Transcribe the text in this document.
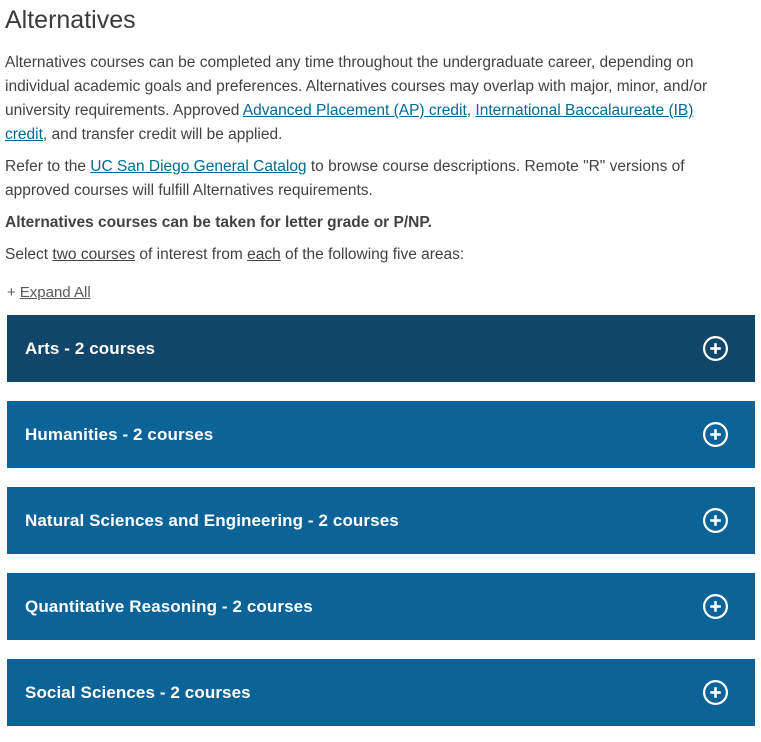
Alternatives

Alternatives courses can be completed any time throughout the undergraduate career, depending on individual academic goals and preferences. Alternatives courses may overlap with major, minor, and/or university requirements. Approved Advanced Placement (AP) credit, International Baccalaureate (IB) credit, and transfer credit will be applied.

Refer to the UC San Diego General Catalog to browse course descriptions. Remote "R" versions of approved courses will fulfill Alternatives requirements.

Alternatives courses can be taken for letter grade or P/NP.

Select two courses of interest from each of the following five areas:

+ Expand All
Arts - 2 courses
Humanities - 2 courses
Natural Sciences and Engineering - 2 courses
Quantitative Reasoning - 2 courses
Social Sciences - 2 courses
